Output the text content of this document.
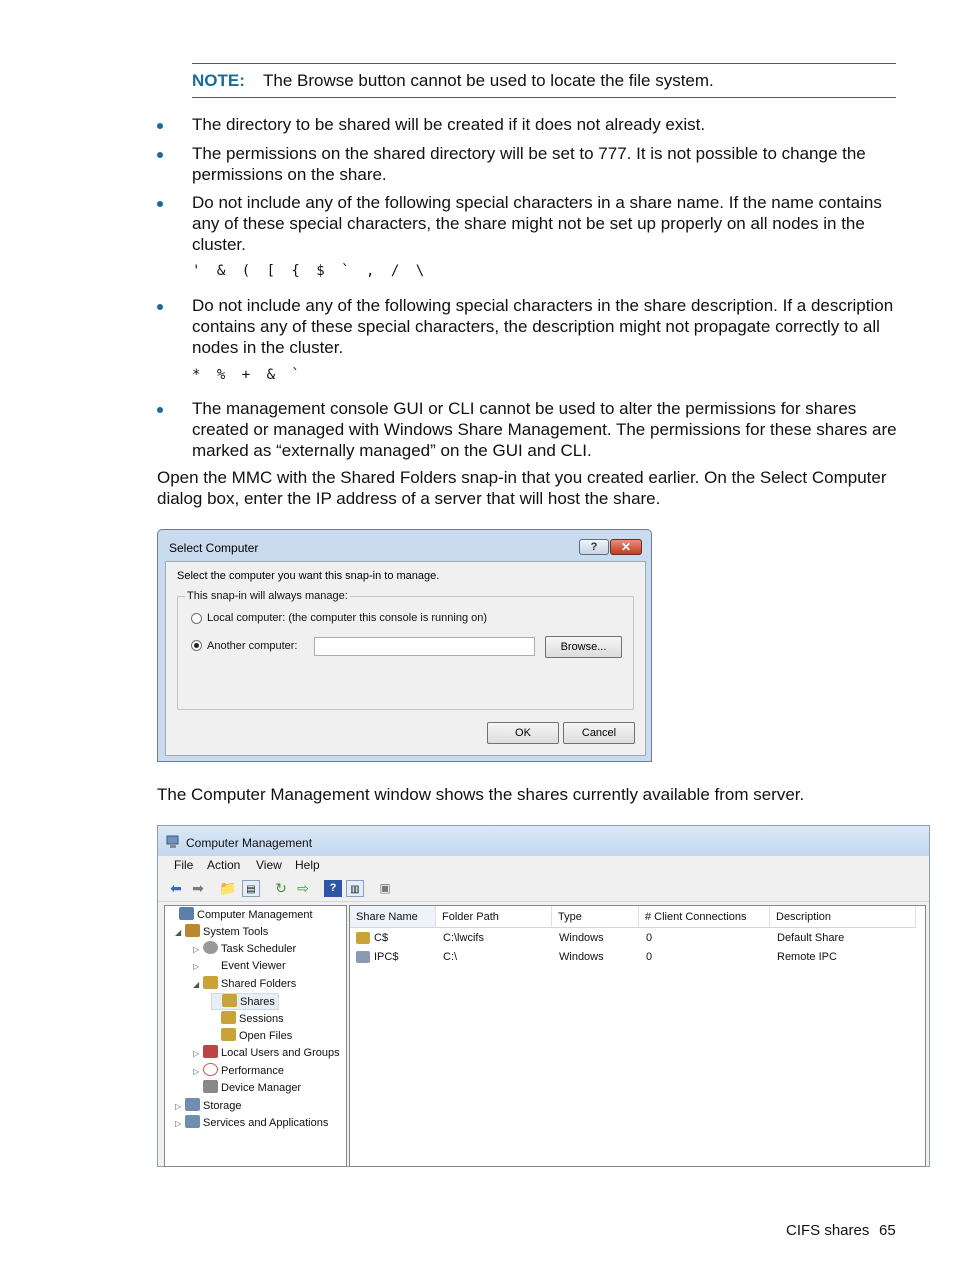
NOTE: The Browse button cannot be used to locate the file system.
The directory to be shared will be created if it does not already exist.
The permissions on the shared directory will be set to 777. It is not possible to change the permissions on the share.
Do not include any of the following special characters in a share name. If the name contains any of these special characters, the share might not be set up properly on all nodes in the cluster.
' & ( [ { $ ` , / \
Do not include any of the following special characters in the share description. If a description contains any of these special characters, the description might not propagate correctly to all nodes in the cluster.
* % + & `
The management console GUI or CLI cannot be used to alter the permissions for shares created or managed with Windows Share Management. The permissions for these shares are marked as “externally managed” on the GUI and CLI.
Open the MMC with the Shared Folders snap-in that you created earlier. On the Select Computer dialog box, enter the IP address of a server that will host the share.
Select Computer	?	✕
Select the computer you want this snap-in to manage.
This snap-in will always manage:
Local computer: (the computer this console is running on)
Another computer:	Browse...
OK	Cancel
The Computer Management window shows the shares currently available from server.
Computer Management
File Action View Help
⬅ ➡ 📁 ▤	↻ ⇨	?	▥	▣
Computer Management
◢ System Tools
▷ Task Scheduler
▷ Event Viewer
◢ Shared Folders
Shares
Sessions
Open Files
▷ Local Users and Groups
▷ Performance
Device Manager
▷ Storage
▷ Services and Applications
Share Name	Folder Path	Type	# Client Connections	Description
C$	C:\lwcifs	Windows	0	Default Share
IPC$	C:\	Windows	0	Remote IPC
CIFS shares 65
